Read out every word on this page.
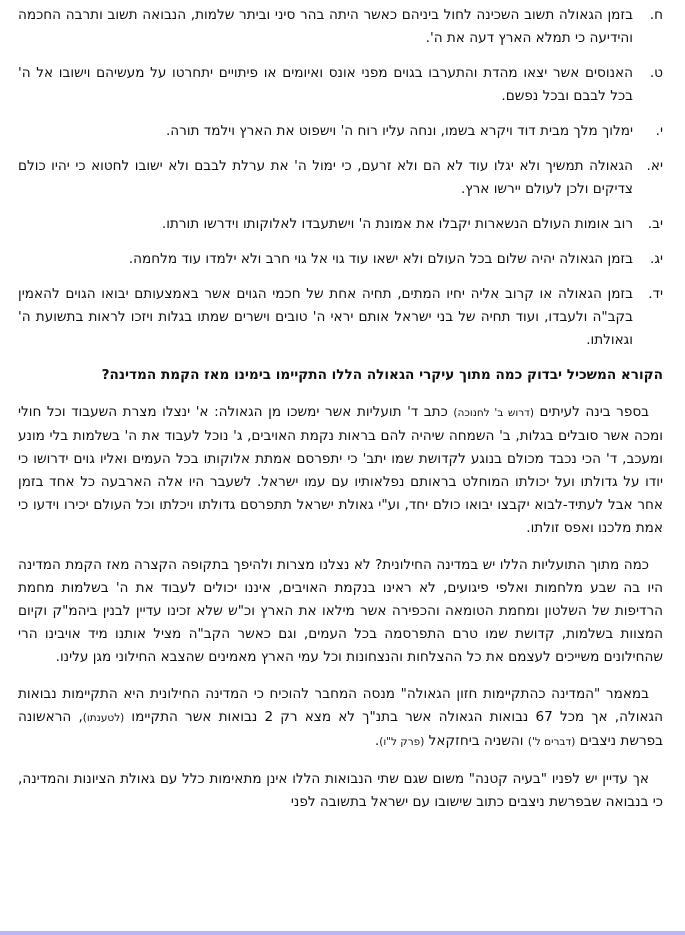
ח.בזמן הגאולה תשוב השכינה לחול ביניהם כאשר היתה בהר סיני וביתר שלמות, הנבואה תשוב ותרבה החכמה והידיעה כי תמלא הארץ דעה את ה'.
ט.האנוסים אשר יצאו מהדת והתערבו בגוים מפני אונס ואיומים או פיתויים יתחרטו על מעשיהם וישובו אל ה' בכל לבבם ובכל נפשם.
י.ימלוך מלך מבית דוד ויקרא בשמו, ונחה עליו רוח ה' וישפוט את הארץ וילמד תורה.
יא.הגאולה תמשיך ולא יגלו עוד לא הם ולא זרעם, כי ימול ה' את ערלת לבבם ולא ישובו לחטוא כי יהיו כולם צדיקים ולכן לעולם יירשו ארץ.
יב.רוב אומות העולם הנשארות יקבלו את אמונת ה' וישתעבדו לאלוקותו וידרשו תורתו.
יג.בזמן הגאולה יהיה שלום בכל העולם ולא ישאו עוד גוי אל גוי חרב ולא ילמדו עוד מלחמה.
יד.בזמן הגאולה או קרוב אליה יחיו המתים, תחיה אחת של חכמי הגוים אשר באמצעותם יבואו הגוים להאמין בקב"ה ולעבדו, ועוד תחיה של בני ישראל אותם יראי ה' טובים וישרים שמתו בגלות ויזכו לראות בתשועת ה' וגאולתו.
הקורא המשכיל יבדוק כמה מתוך עיקרי הגאולה הללו התקיימו בימינו מאז הקמת המדינה?
בספר בינה לעיתים (דרוש ב' לחנוכה) כתב ד' תועליות אשר ימשכו מן הגאולה: א' ינצלו מצרת השעבוד וכל חולי ומכה אשר סובלים בגלות, ב' השמחה שיהיה להם בראות נקמת האויבים, ג' נוכל לעבוד את ה' בשלמות בלי מונע ומעכב, ד' הכי נכבד מכולם בנוגע לקדושת שמו יתב' כי יתפרסם אמתת אלוקותו בכל העמים ואליו גוים ידרושו כי יודו על גדולתו ועל יכולתו המוחלט בראותם נפלאותיו עם עמו ישראל. לשעבר היו אלה הארבעה כל אחד בזמן אחר אבל לעתיד-לבוא יקבצו יבואו כולם יחד, וע"י גאולת ישראל תתפרסם גדולתו ויכלתו וכל העולם יכירו וידעו כי אמת מלכנו ואפס זולתו.
כמה מתוך התועליות הללו יש במדינה החילונית? לא נצלנו מצרות ולהיפך בתקופה הקצרה מאז הקמת המדינה היו בה שבע מלחמות ואלפי פיגועים, לא ראינו בנקמת האויבים, איננו יכולים לעבוד את ה' בשלמות מחמת הרדיפות של השלטון ומחמת הטומאה והכפירה אשר מילאו את הארץ וכ"ש שלא זכינו עדיין לבנין ביהמ"ק וקיום המצוות בשלמות, קדושת שמו טרם התפרסמה בכל העמים, וגם כאשר הקב"ה מציל אותנו מיד אויבינו הרי שהחילונים משייכים לעצמם את כל ההצלחות והנצחונות וכל עמי הארץ מאמינים שהצבא החילוני מגן עלינו.
במאמר "המדינה כהתקיימות חזון הגאולה" מנסה המחבר להוכיח כי המדינה החילונית היא התקיימות נבואות הגאולה, אך מכל 67 נבואות הגאולה אשר בתנ"ך לא מצא רק 2 נבואות אשר התקיימו (לטענתו), הראשונה בפרשת ניצבים (דברים ל') והשניה ביחזקאל (פרק ל"ו).
אך עדיין יש לפניו "בעיה קטנה" משום שגם שתי הנבואות הללו אינן מתאימות כלל עם גאולת הציונות והמדינה, כי בנבואה שבפרשת ניצבים כתוב שישובו עם ישראל בתשובה לפני
